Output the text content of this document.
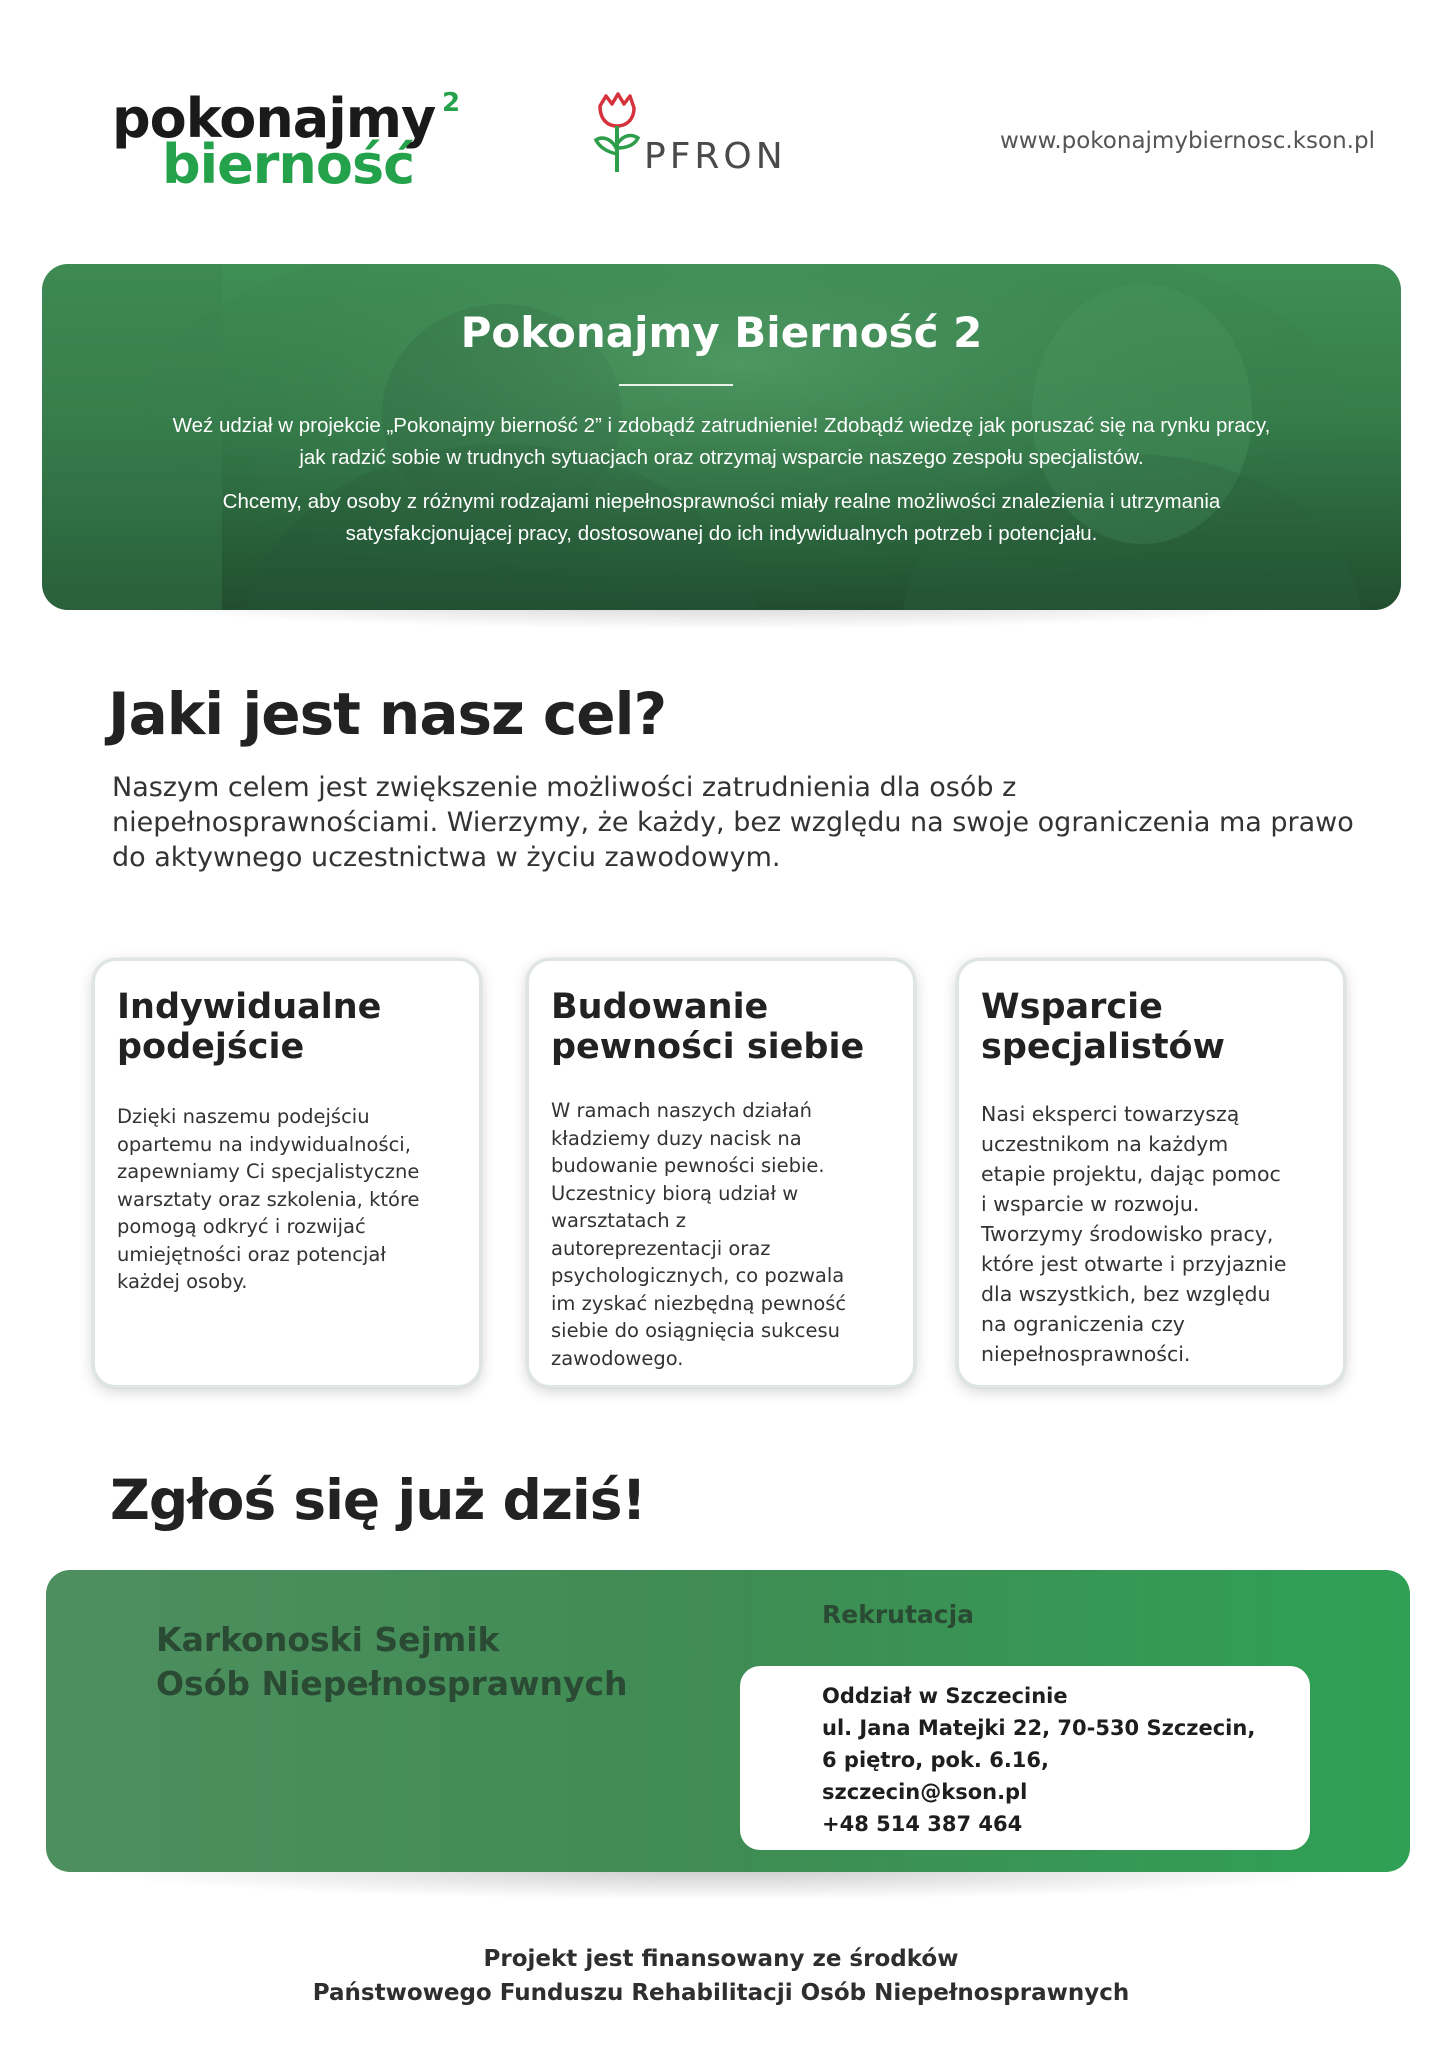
pokonajmy 2
bierność	PFRON	www.pokonajmybiernosc.kson.pl
Pokonajmy Bierność 2
Weź udział w projekcie „Pokonajmy bierność 2” i zdobądź zatrudnienie! Zdobądź wiedzę jak poruszać się na rynku pracy,
jak radzić sobie w trudnych sytuacjach oraz otrzymaj wsparcie naszego zespołu specjalistów.
Chcemy, aby osoby z różnymi rodzajami niepełnosprawności miały realne możliwości znalezienia i utrzymania
satysfakcjonującej pracy, dostosowanej do ich indywidualnych potrzeb i potencjału.
Jaki jest nasz cel?
Naszym celem jest zwiększenie możliwości zatrudnienia dla osób z
niepełnosprawnościami. Wierzymy, że każdy, bez względu na swoje ograniczenia ma prawo
do aktywnego uczestnictwa w życiu zawodowym.
Indywidualne
podejście
Dzięki naszemu podejściu
opartemu na indywidualności,
zapewniamy Ci specjalistyczne
warsztaty oraz szkolenia, które
pomogą odkryć i rozwijać
umiejętności oraz potencjał
każdej osoby.
Budowanie
pewności siebie
W ramach naszych działań
kładziemy duzy nacisk na
budowanie pewności siebie.
Uczestnicy biorą udział w
warsztatach z
autoreprezentacji oraz
psychologicznych, co pozwala
im zyskać niezbędną pewność
siebie do osiągnięcia sukcesu
zawodowego.
Wsparcie
specjalistów
Nasi eksperci towarzyszą
uczestnikom na każdym
etapie projektu, dając pomoc
i wsparcie w rozwoju.
Tworzymy środowisko pracy,
które jest otwarte i przyjaznie
dla wszystkich, bez względu
na ograniczenia czy
niepełnosprawności.
Zgłoś się już dziś!
Karkonoski Sejmik
Osób Niepełnosprawnych
Rekrutacja
Oddział w Szczecinie
ul. Jana Matejki 22, 70-530 Szczecin,
6 piętro, pok. 6.16,
szczecin@kson.pl
+48 514 387 464
Projekt jest finansowany ze środków
Państwowego Funduszu Rehabilitacji Osób Niepełnosprawnych
